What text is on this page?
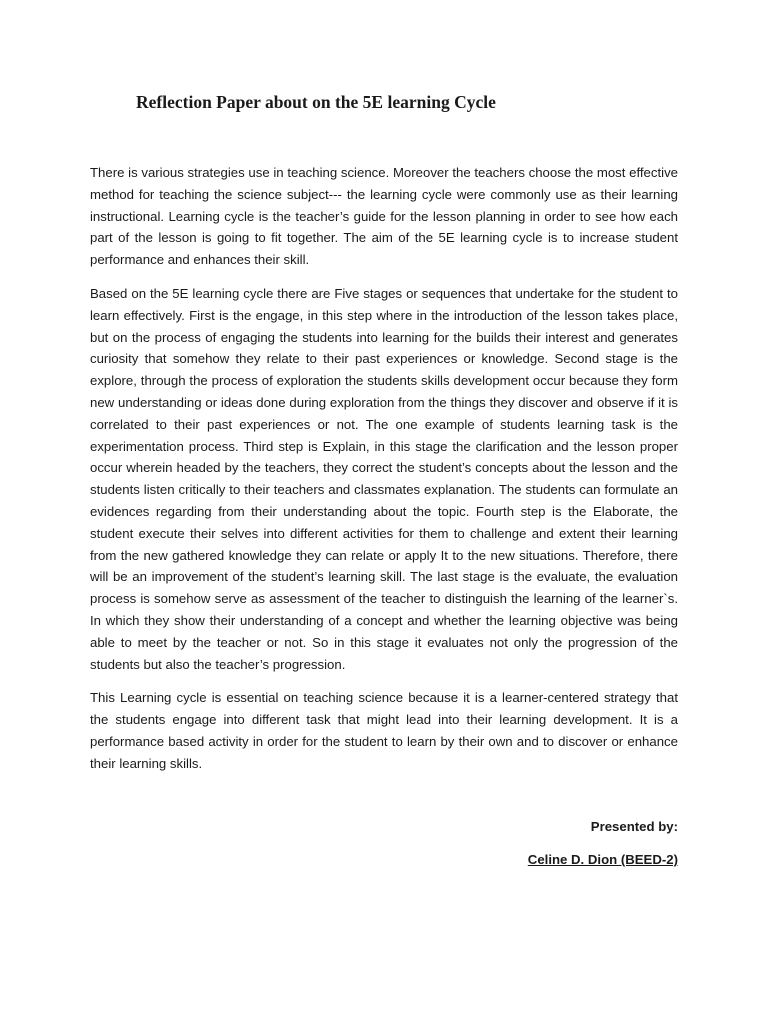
Reflection Paper about on the 5E learning Cycle

There is various strategies use in teaching science. Moreover the teachers choose the most effective method for teaching the science subject--- the learning cycle were commonly use as their learning instructional. Learning cycle is the teacher’s guide for the lesson planning in order to see how each part of the lesson is going to fit together. The aim of the 5E learning cycle is to increase student performance and enhances their skill.

Based on the 5E learning cycle there are Five stages or sequences that undertake for the student to learn effectively. First is the engage, in this step where in the introduction of the lesson takes place, but on the process of engaging the students into learning for the builds their interest and generates curiosity that somehow they relate to their past experiences or knowledge. Second stage is the explore, through the process of exploration the students skills development occur because they form new understanding or ideas done during exploration from the things they discover and observe if it is correlated to their past experiences or not. The one example of students learning task is the experimentation process. Third step is Explain, in this stage the clarification and the lesson proper occur wherein headed by the teachers, they correct the student’s concepts about the lesson and the students listen critically to their teachers and classmates explanation. The students can formulate an evidences regarding from their understanding about the topic. Fourth step is the Elaborate, the student execute their selves into different activities for them to challenge and extent their learning from the new gathered knowledge they can relate or apply It to the new situations. Therefore, there will be an improvement of the student’s learning skill. The last stage is the evaluate, the evaluation process is somehow serve as assessment of the teacher to distinguish the learning of the learner`s. In which they show their understanding of a concept and whether the learning objective was being able to meet by the teacher or not. So in this stage it evaluates not only the progression of the students but also the teacher’s progression.

This Learning cycle is essential on teaching science because it is a learner-centered strategy that the students engage into different task that might lead into their learning development. It is a performance based activity in order for the student to learn by their own and to discover or enhance their learning skills.

Presented by:
Celine D. Dion (BEED-2)
